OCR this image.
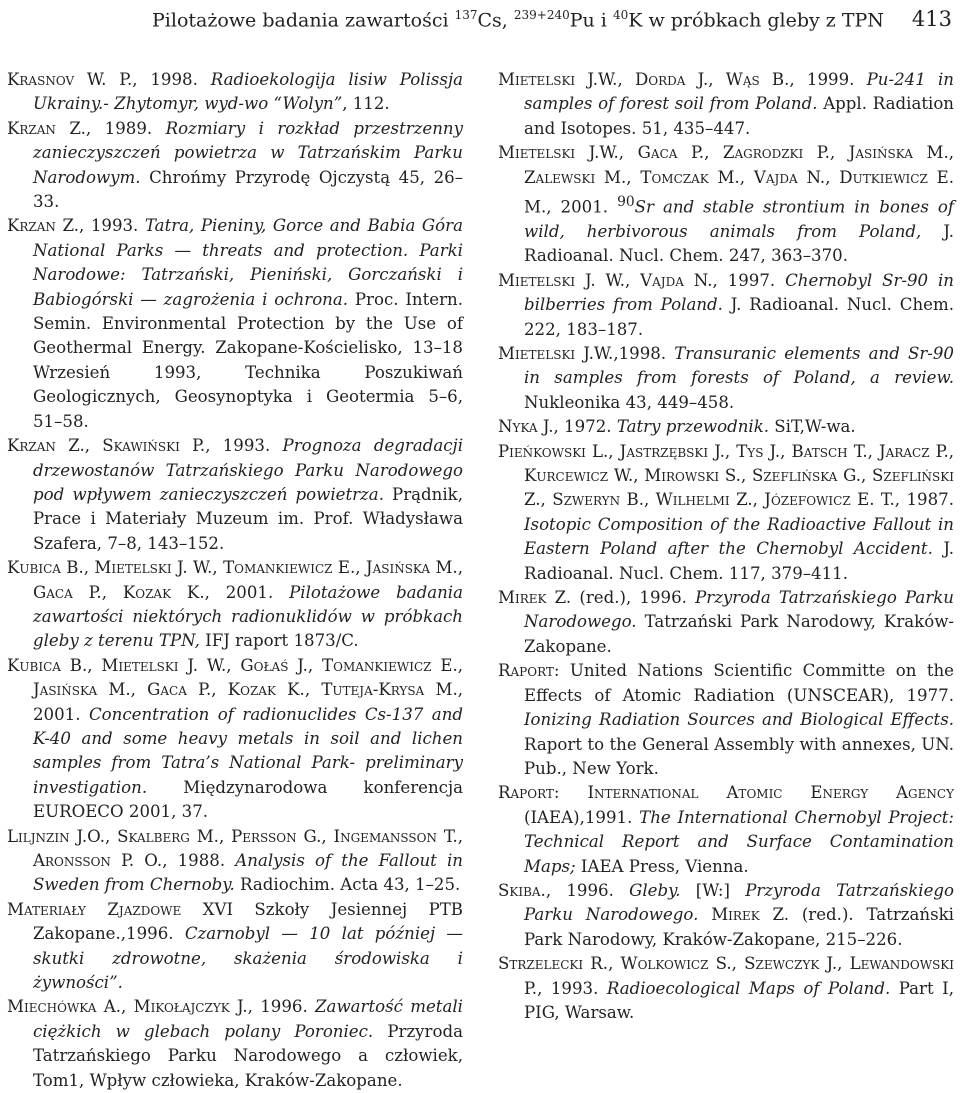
Pilotażowe badania zawartości $^{137}$Cs, $^{239+240}$Pu i $^{40}$K w próbkach gleby z TPN 413

Krasnov W. P., 1998. Radioekologija lisiw Polissja Ukrainy.- Zhytomyr, wyd-wo “Wolyn”, 112.

Krzan Z., 1989. Rozmiary i rozkład przestrzenny zanieczyszczeń powietrza w Tatrzańskim Parku Narodowym. Chrońmy Przyrodę Ojczystą 45, 26–33.

Krzan Z., 1993. Tatra, Pieniny, Gorce and Babia Góra National Parks — threats and protection. Parki Narodowe: Tatrzański, Pieniński, Gorczański i Babiogórski — zagrożenia i ochrona. Proc. Intern. Semin. Environmental Protection by the Use of Geothermal Energy. Zakopane-Kościelisko, 13–18 Wrzesień 1993, Technika Poszukiwań Geologicznych, Geosynoptyka i Geotermia 5–6, 51–58.

Krzan Z., Skawiński P., 1993. Prognoza degradacji drzewostanów Tatrzańskiego Parku Narodowego pod wpływem zanieczyszczeń powietrza. Prądnik, Prace i Materiały Muzeum im. Prof. Władysława Szafera, 7–8, 143–152.

Kubica B., Mietelski J. W., Tomankiewicz E., Jasińska M., Gaca P., Kozak K., 2001. Pilotażowe badania zawartości niektórych radionuklidów w próbkach gleby z terenu TPN, IFJ raport 1873/C.

Kubica B., Mietelski J. W., Gołaś J., Tomankiewicz E., Jasińska M., Gaca P., Kozak K., Tuteja-Krysa M., 2001. Concentration of radionuclides Cs-137 and K-40 and some heavy metals in soil and lichen samples from Tatra’s National Park- preliminary investigation. Międzynarodowa konferencja EUROECO 2001, 37.

Liljnzin J.O., Skalberg M., Persson G., Ingemansson T., Aronsson P. O., 1988. Analysis of the Fallout in Sweden from Chernoby. Radiochim. Acta 43, 1–25.

Materiały Zjazdowe XVI Szkoły Jesiennej PTB Zakopane.,1996. Czarnobyl — 10 lat później — skutki zdrowotne, skażenia środowiska i żywności”.

Miechówka A., Mikołajczyk J., 1996. Zawartość metali ciężkich w glebach polany Poroniec. Przyroda Tatrzańskiego Parku Narodowego a człowiek, Tom1, Wpływ człowieka, Kraków-Zakopane.

Mietelski J.W., Dorda J., Wąs B., 1999. Pu-241 in samples of forest soil from Poland. Appl. Radiation and Isotopes. 51, 435–447.

Mietelski J.W., Gaca P., Zagrodzki P., Jasińska M., Zalewski M., Tomczak M., Vajda N., Dutkiewicz E. M., 2001. $^{90}$Sr and stable strontium in bones of wild, herbivorous animals from Poland, J. Radioanal. Nucl. Chem. 247, 363–370.

Mietelski J. W., Vajda N., 1997. Chernobyl Sr-90 in bilberries from Poland. J. Radioanal. Nucl. Chem. 222, 183–187.

Mietelski J.W.,1998. Transuranic elements and Sr-90 in samples from forests of Poland, a review. Nukleonika 43, 449–458.

Nyka J., 1972. Tatry przewodnik. SiT,W-wa.

Pieńkowski L., Jastrzębski J., Tys J., Batsch T., Jaracz P., Kurcewicz W., Mirowski S., Szeflińska G., Szefliński Z., Szweryn B., Wilhelmi Z., Józefowicz E. T., 1987. Isotopic Composition of the Radioactive Fallout in Eastern Poland after the Chernobyl Accident. J. Radioanal. Nucl. Chem. 117, 379–411.

Mirek Z. (red.), 1996. Przyroda Tatrzańskiego Parku Narodowego. Tatrzański Park Narodowy, Kraków-Zakopane.

Raport: United Nations Scientific Committe on the Effects of Atomic Radiation (UNSCEAR), 1977. Ionizing Radiation Sources and Biological Effects. Raport to the General Assembly with annexes, UN. Pub., New York.

Raport: International Atomic Energy Agency (IAEA),1991. The International Chernobyl Project: Technical Report and Surface Contamination Maps; IAEA Press, Vienna.

Skiba., 1996. Gleby. [W:] Przyroda Tatrzańskiego Parku Narodowego. Mirek Z. (red.). Tatrzański Park Narodowy, Kraków-Zakopane, 215–226.

Strzelecki R., Wolkowicz S., Szewczyk J., Lewandowski P., 1993. Radioecological Maps of Poland. Part I, PIG, Warsaw.
